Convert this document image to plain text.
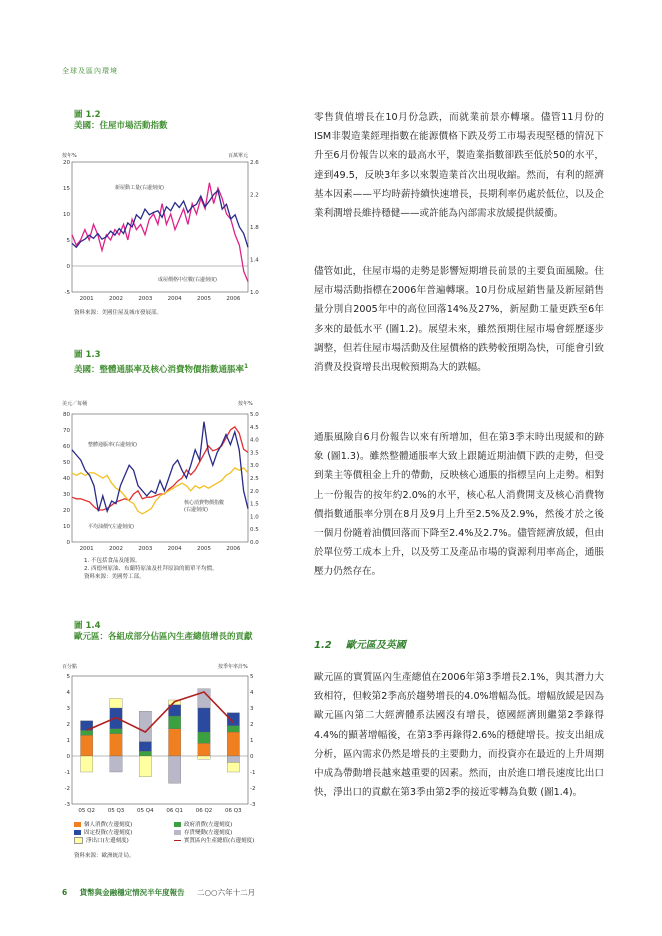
全球及區內環境
圖 1.2
美國：住屋市場活動指數
按年%	百萬單元
20
15
10
5
0
-5
2.6
2.2
1.8
1.4
1.0
2001	2002	2003	2004	2005	2006
新屋動工量(右邊刻度)
成屋價格中位數(右邊刻度)
資料來源：美國住屋及城市發展部。
圖 1.3
美國：整體通脹率及核心消費物價指數通脹率$^1$
美元／每桶	按年%
80
70
60
50
40
30
20
10
0
5.0
4.5
4.0
3.5
3.0
2.5
2.0
1.5
1.0
0.5
0.0
2001	2002	2003	2004	2005	2006
整體通脹率(右邊刻度)
核心消費物價指數
(右邊刻度)
平均油價²(左邊刻度)
1. 不包括食品及能源。
2. 西德州原油、布蘭特原油及杜拜原油的簡單平均價。
資料來源：美國勞工部。
圖 1.4
歐元區：各組成部分佔區內生產總值增長的貢獻
百分點	按季年率計%
5
4
3
2
1
0
-1
-2
-3
5
4
3
2
1
0
-1
-2
-3
05 Q2 05 Q3 05 Q4 06 Q1 06 Q2 06 Q3
個人消費(左邊刻度)	政府消費(左邊刻度)
固定投資(左邊刻度)	存貨變動(左邊刻度)
淨出口(左邊刻度)	實質區內生產總值(右邊刻度)
資料來源：歐洲統計局。

零售貨值增長在10月份急跌，而就業前景亦轉壞。儘管11月份的ISM非製造業經理指數在能源價格下跌及勞工市場表現堅穩的情況下升至6月份報告以來的最高水平，製造業指數卻跌至低於50的水平，達到49.5，反映3年多以來製造業首次出現收縮。然而，有利的經濟基本因素——平均時薪持續快速增長，長期利率仍處於低位，以及企業利潤增長維持穩健——或許能為內部需求放緩提供緩衝。

儘管如此，住屋市場的走勢是影響短期增長前景的主要負面風險。住屋市場活動指標在2006年普遍轉壞。10月份成屋銷售量及新屋銷售量分別自2005年中的高位回落14%及27%，新屋動工量更跌至6年多來的最低水平 (圖1.2)。展望未來，雖然預期住屋市場會經歷逐步調整，但若住屋市場活動及住屋價格的跌勢較預期為快，可能會引致消費及投資增長出現較預期為大的跌幅。

通脹風險自6月份報告以來有所增加，但在第3季末時出現緩和的跡象 (圖1.3)。雖然整體通脹率大致上跟隨近期油價下跌的走勢，但受到業主等價租金上升的帶動，反映核心通脹的指標呈向上走勢。相對上一份報告的按年約2.0%的水平，核心私人消費開支及核心消費物價指數通脹率分別在8月及9月上升至2.5%及2.9%，然後才於之後一個月份隨着油價回落而下降至2.4%及2.7%。儘管經濟放緩，但由於單位勞工成本上升，以及勞工及產品市場的資源利用率高企，通脹壓力仍然存在。

1.2 歐元區及英國

歐元區的實質區內生產總值在2006年第3季增長2.1%，與其潛力大致相符，但較第2季高於趨勢增長的4.0%增幅為低。增幅放緩是因為歐元區內第二大經濟體系法國沒有增長，德國經濟則繼第2季錄得4.4%的顯著增幅後，在第3季再錄得2.6%的穩健增長。按支出組成分析，區內需求仍然是增長的主要動力，而投資亦在最近的上升周期中成為帶動增長越來越重要的因素。然而，由於進口增長速度比出口快，淨出口的貢獻在第3季由第2季的接近零轉為負數 (圖1.4)。

6 貨幣與金融穩定情況半年度報告 二○○六年十二月
